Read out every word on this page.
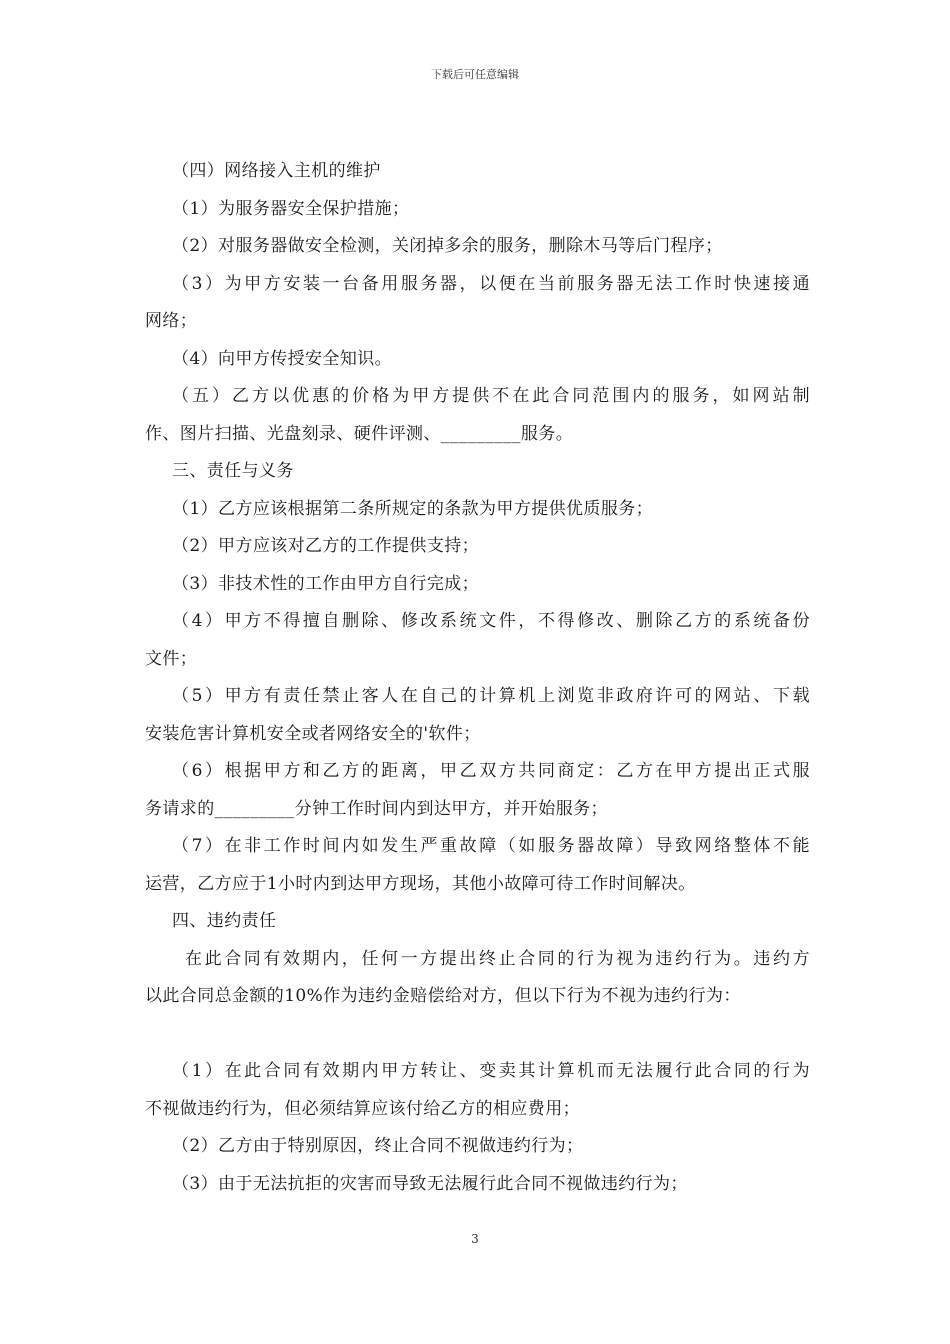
下载后可任意编辑
（四）网络接入主机的维护
（1）为服务器安全保护措施；
（2）对服务器做安全检测，关闭掉多余的服务，删除木马等后门程序；
（3）为甲方安装一台备用服务器，以便在当前服务器无法工作时快速接通
网络；
（4）向甲方传授安全知识。
（五）乙方以优惠的价格为甲方提供不在此合同范围内的服务，如网站制
作、图片扫描、光盘刻录、硬件评测、_________服务。
三、责任与义务
（1）乙方应该根据第二条所规定的条款为甲方提供优质服务；
（2）甲方应该对乙方的工作提供支持；
（3）非技术性的工作由甲方自行完成；
（4）甲方不得擅自删除、修改系统文件，不得修改、删除乙方的系统备份
文件；
（5）甲方有责任禁止客人在自己的计算机上浏览非政府许可的网站、下载
安装危害计算机安全或者网络安全的'软件；
（6）根据甲方和乙方的距离，甲乙双方共同商定：乙方在甲方提出正式服
务请求的_________分钟工作时间内到达甲方，并开始服务；
（7）在非工作时间内如发生严重故障（如服务器故障）导致网络整体不能
运营，乙方应于1小时内到达甲方现场，其他小故障可待工作时间解决。
四、违约责任
在此合同有效期内，任何一方提出终止合同的行为视为违约行为。违约方
以此合同总金额的10%作为违约金赔偿给对方，但以下行为不视为违约行为：
（1）在此合同有效期内甲方转让、变卖其计算机而无法履行此合同的行为
不视做违约行为，但必须结算应该付给乙方的相应费用；
（2）乙方由于特别原因，终止合同不视做违约行为；
（3）由于无法抗拒的灾害而导致无法履行此合同不视做违约行为；
3
